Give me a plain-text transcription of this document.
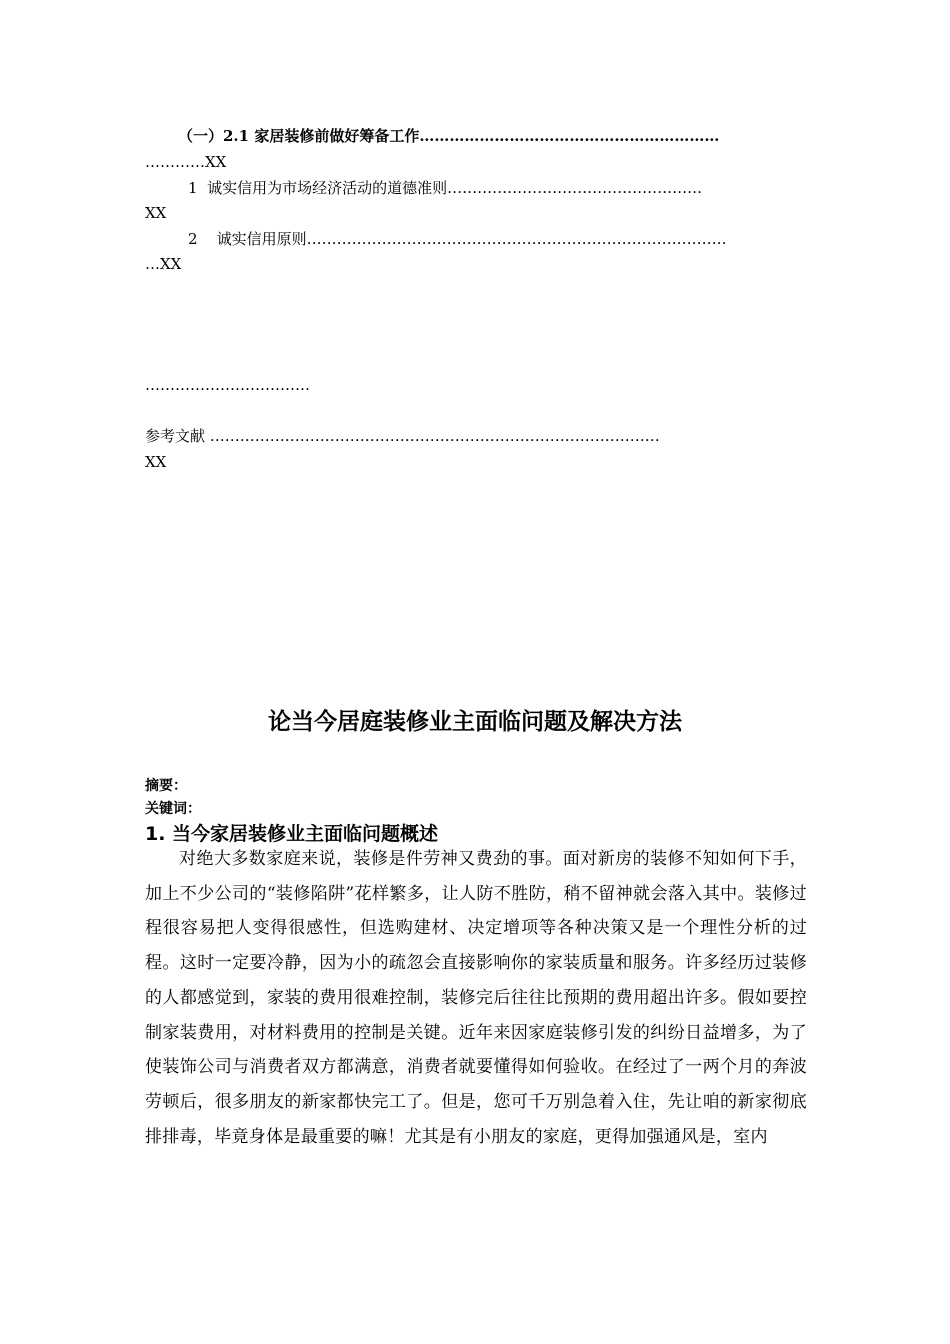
（一）2.1 家居装修前做好筹备工作……………………………………………………
…………XX
1  诚实信用为市场经济活动的道德准则……………………………………………
XX
2    诚实信用原则…………………………………………………………………………
…XX
……………………………
参考文献 ………………………………………………………………………………
XX
论当今居庭装修业主面临问题及解决方法
摘要：
关键词：
1. 当今家居装修业主面临问题概述
对绝大多数家庭来说，装修是件劳神又费劲的事。面对新房的装修不知如何下手，加上不少公司的“装修陷阱”花样繁多，让人防不胜防，稍不留神就会落入其中。装修过程很容易把人变得很感性，但选购建材、决定增项等各种决策又是一个理性分析的过程。这时一定要冷静，因为小的疏忽会直接影响你的家装质量和服务。许多经历过装修的人都感觉到，家装的费用很难控制，装修完后往往比预期的费用超出许多。假如要控制家装费用，对材料费用的控制是关键。近年来因家庭装修引发的纠纷日益增多，为了使装饰公司与消费者双方都满意，消费者就要懂得如何验收。在经过了一两个月的奔波劳顿后，很多朋友的新家都快完工了。但是，您可千万别急着入住，先让咱的新家彻底排排毒，毕竟身体是最重要的嘛！尤其是有小朋友的家庭，更得加强通风是，室内
